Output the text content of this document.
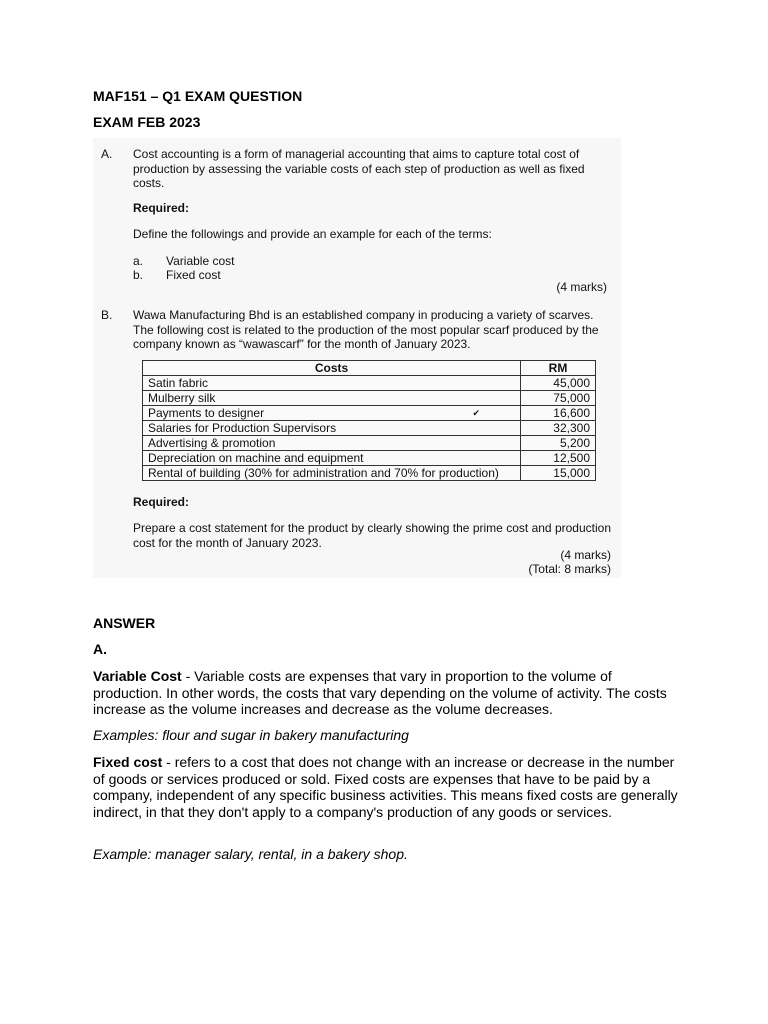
MAF151 – Q1 EXAM QUESTION
EXAM FEB 2023
A. Cost accounting is a form of managerial accounting that aims to capture total cost of production by assessing the variable costs of each step of production as well as fixed costs.
Required:
Define the followings and provide an example for each of the terms:
a. Variable cost
b. Fixed cost
(4 marks)
B. Wawa Manufacturing Bhd is an established company in producing a variety of scarves. The following cost is related to the production of the most popular scarf produced by the company known as “wawascarf” for the month of January 2023.
Costs	RM
Satin fabric	45,000
Mulberry silk	75,000
Payments to designer ✔	16,600
Salaries for Production Supervisors	32,300
Advertising & promotion	5,200
Depreciation on machine and equipment	12,500
Rental of building (30% for administration and 70% for production)	15,000
Required:
Prepare a cost statement for the product by clearly showing the prime cost and production cost for the month of January 2023.
(4 marks)
(Total: 8 marks)
ANSWER
A.
Variable Cost - Variable costs are expenses that vary in proportion to the volume of production. In other words, the costs that vary depending on the volume of activity. The costs increase as the volume increases and decrease as the volume decreases.
Examples: flour and sugar in bakery manufacturing
Fixed cost - refers to a cost that does not change with an increase or decrease in the number of goods or services produced or sold. Fixed costs are expenses that have to be paid by a company, independent of any specific business activities. This means fixed costs are generally indirect, in that they don't apply to a company's production of any goods or services.
Example: manager salary, rental, in a bakery shop.
